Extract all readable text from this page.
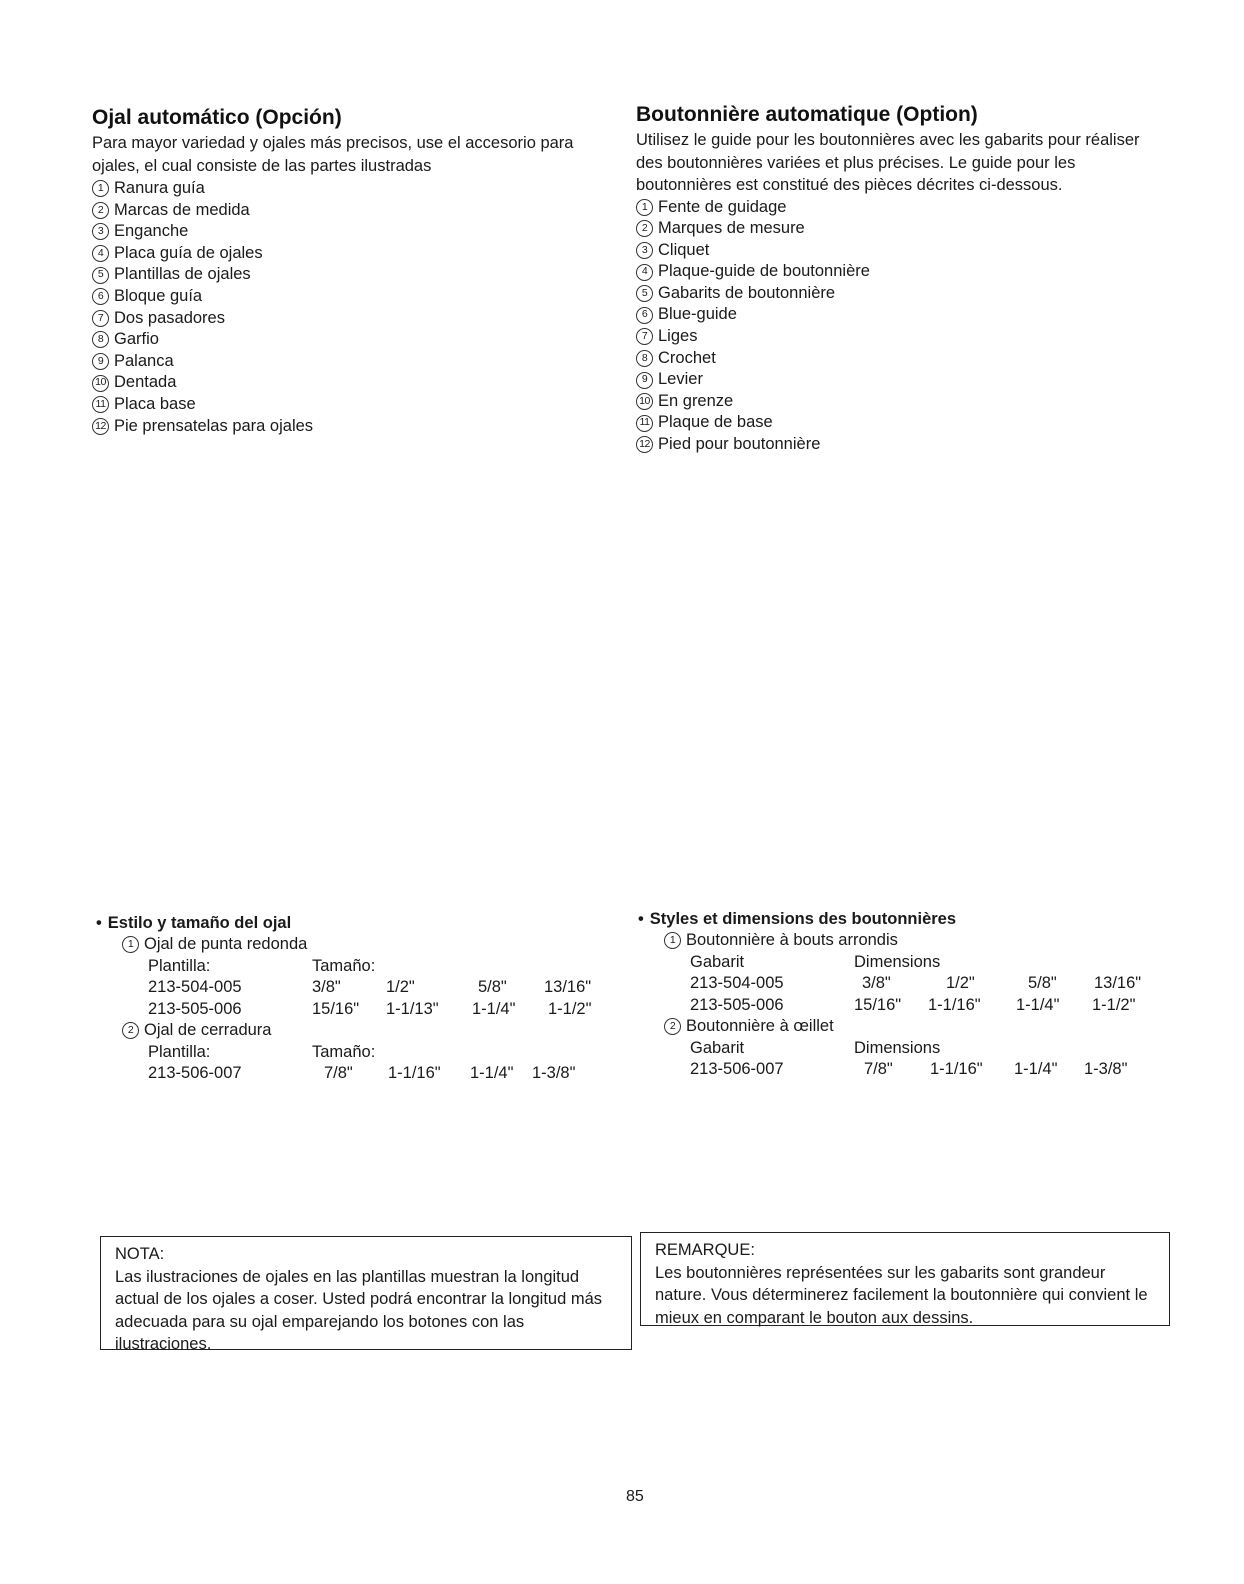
Ojal automático (Opción)

Para mayor variedad y ojales más precisos, use el accesorio para ojales, el cual consiste de las partes ilustradas

1 Ranura guía
2 Marcas de medida
3 Enganche
4 Placa guía de ojales
5 Plantillas de ojales
6 Bloque guía
7 Dos pasadores
8 Garfio
9 Palanca
10 Dentada
11 Placa base
12 Pie prensatelas para ojales
Boutonnière automatique (Option)

Utilisez le guide pour les boutonnières avec les gabarits pour réaliser des boutonnières variées et plus précises. Le guide pour les boutonnières est constitué des pièces décrites ci-dessous.

1 Fente de guidage
2 Marques de mesure
3 Cliquet
4 Plaque-guide de boutonnière
5 Gabarits de boutonnière
6 Blue-guide
7 Liges
8 Crochet
9 Levier
10 En grenze
11 Plaque de base
12 Pied pour boutonnière
• Estilo y tamaño del ojal
1 Ojal de punta redonda
Plantilla:	Tamaño:
213-504-005	3/8"	1/2"	5/8"	13/16"
213-505-006	15/16"	1-1/13"	1-1/4"	1-1/2"
2 Ojal de cerradura
Plantilla:	Tamaño:
213-506-007	7/8"	1-1/16"	1-1/4"	1-3/8"
• Styles et dimensions des boutonnières
1 Boutonnière à bouts arrondis
Gabarit	Dimensions
213-504-005	3/8"	1/2"	5/8"	13/16"
213-505-006	15/16"	1-1/16"	1-1/4"	1-1/2"
2 Boutonnière à œillet
Gabarit	Dimensions
213-506-007	7/8"	1-1/16"	1-1/4"	1-3/8"

NOTA:

Las ilustraciones de ojales en las plantillas muestran la longitud actual de los ojales a coser. Usted podrá encontrar la longitud más adecuada para su ojal emparejando los botones con las ilustraciones.

REMARQUE:

Les boutonnières représentées sur les gabarits sont grandeur nature. Vous déterminerez facilement la boutonnière qui convient le mieux en comparant le bouton aux dessins.

85
